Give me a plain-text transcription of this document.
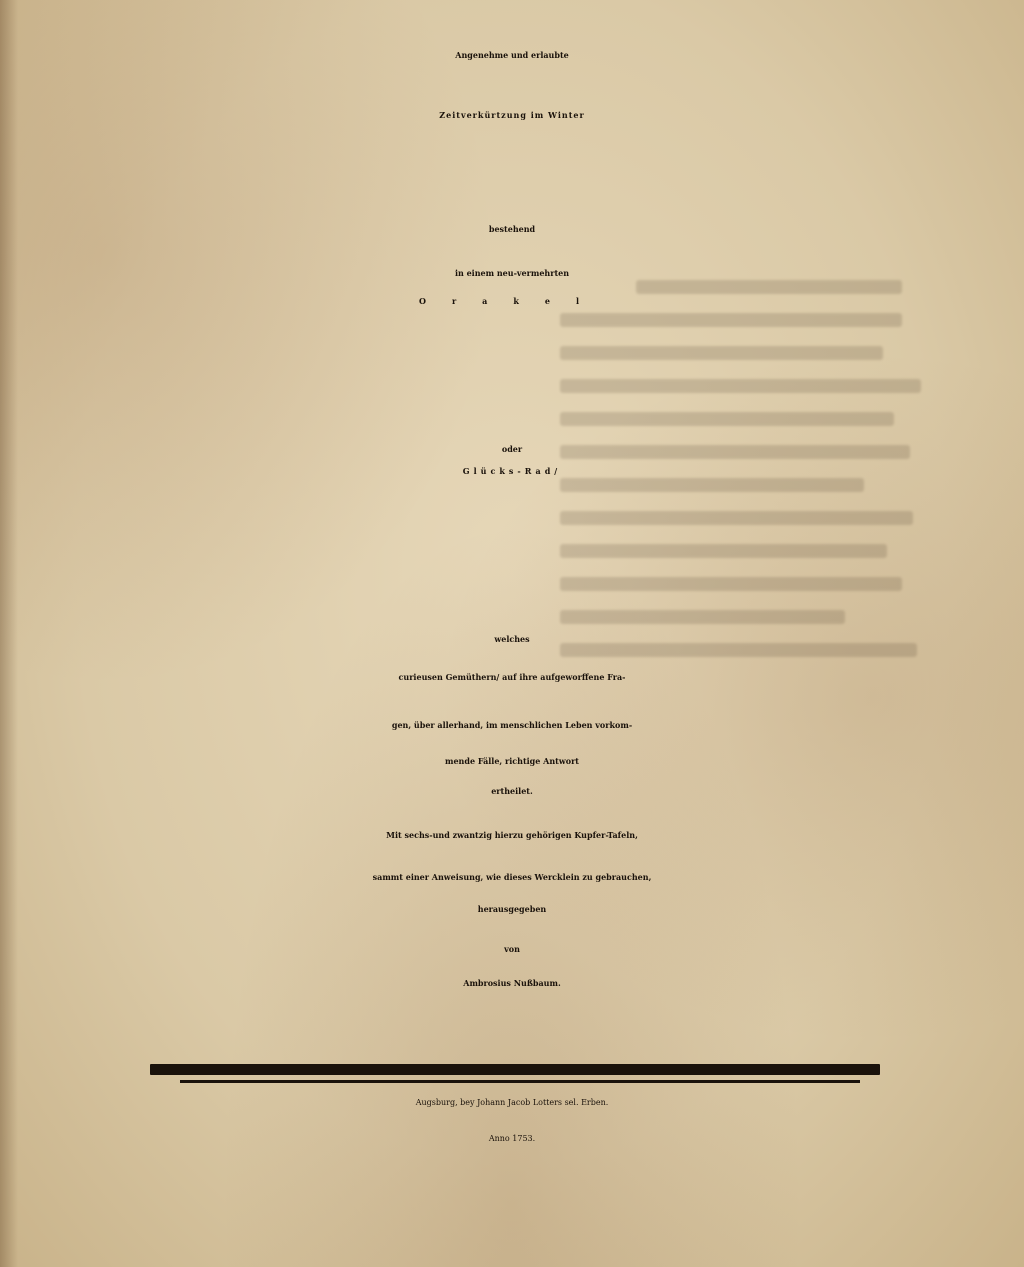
Angenehme und erlaubte
Zeitverkürtzung im Winter
bestehend
in einem neu-vermehrten
Orakel
oder
Glücks-Rad/
welches
curieusen Gemüthern/ auf ihre aufgeworffene Fra-
gen, über allerhand, im menschlichen Leben vorkom-
mende Fälle, richtige Antwort
ertheilet.
Mit sechs-und zwantzig hierzu gehörigen Kupfer-Tafeln,
sammt einer Anweisung, wie dieses Wercklein zu gebrauchen,
herausgegeben
von
Ambrosius Nußbaum.
Augsburg, bey Johann Jacob Lotters sel. Erben.
Anno 1753.
